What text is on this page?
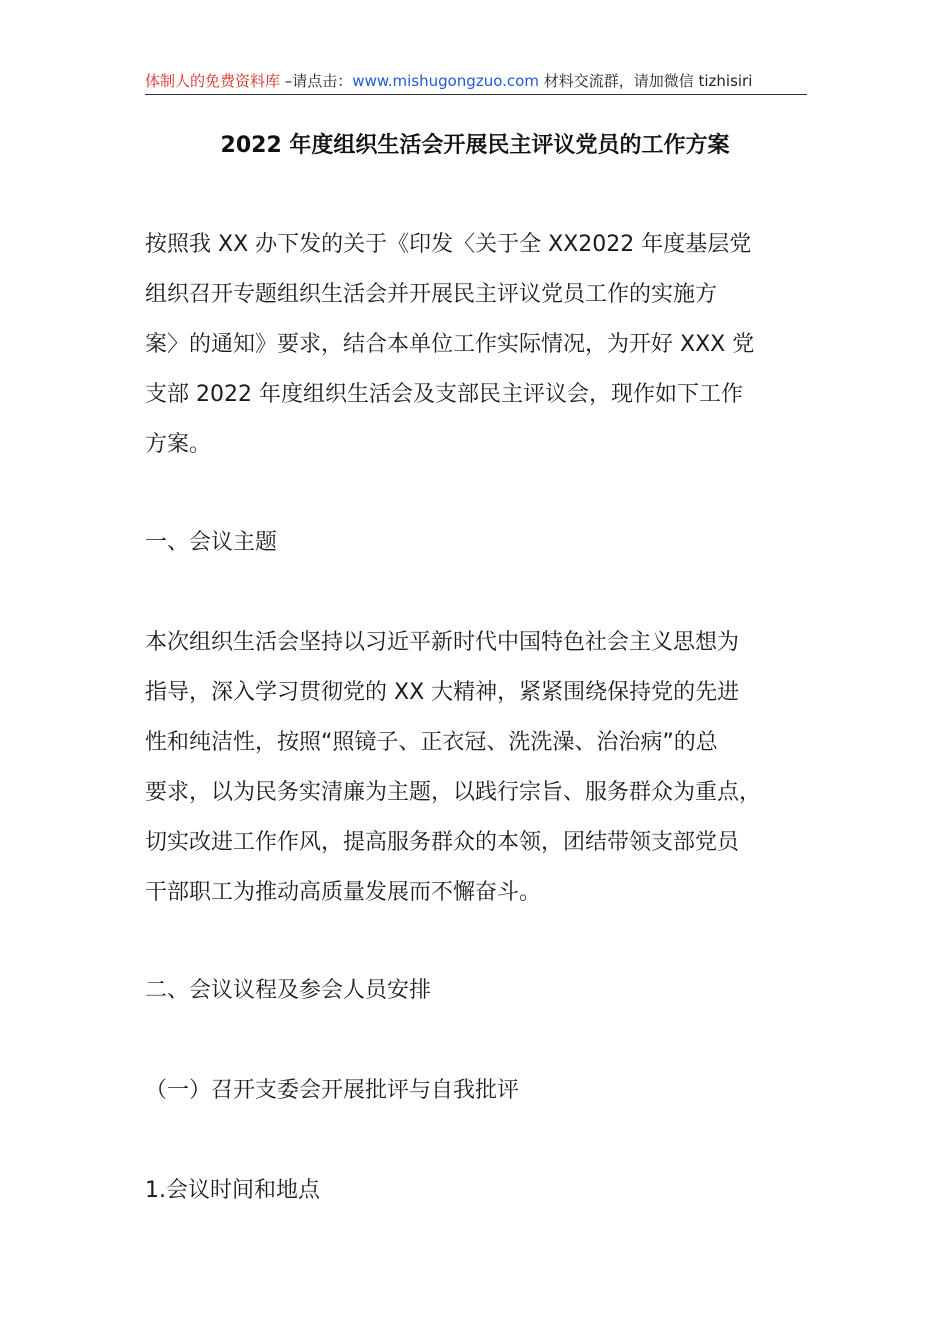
体制人的免费资料库 –请点击：www.mishugongzuo.com 材料交流群，请加微信 tizhisiri
2022 年度组织生活会开展民主评议党员的工作方案
按照我 XX 办下发的关于《印发〈关于全 XX2022 年度基层党
组织召开专题组织生活会并开展民主评议党员工作的实施方
案〉的通知》要求，结合本单位工作实际情况，为开好 XXX 党
支部 2022 年度组织生活会及支部民主评议会，现作如下工作
方案。
一、会议主题
本次组织生活会坚持以习近平新时代中国特色社会主义思想为
指导，深入学习贯彻党的 XX 大精神，紧紧围绕保持党的先进
性和纯洁性，按照“照镜子、正衣冠、洗洗澡、治治病”的总
要求，以为民务实清廉为主题，以践行宗旨、服务群众为重点，
切实改进工作作风，提高服务群众的本领，团结带领支部党员
干部职工为推动高质量发展而不懈奋斗。
二、会议议程及参会人员安排
（一）召开支委会开展批评与自我批评
1.会议时间和地点
